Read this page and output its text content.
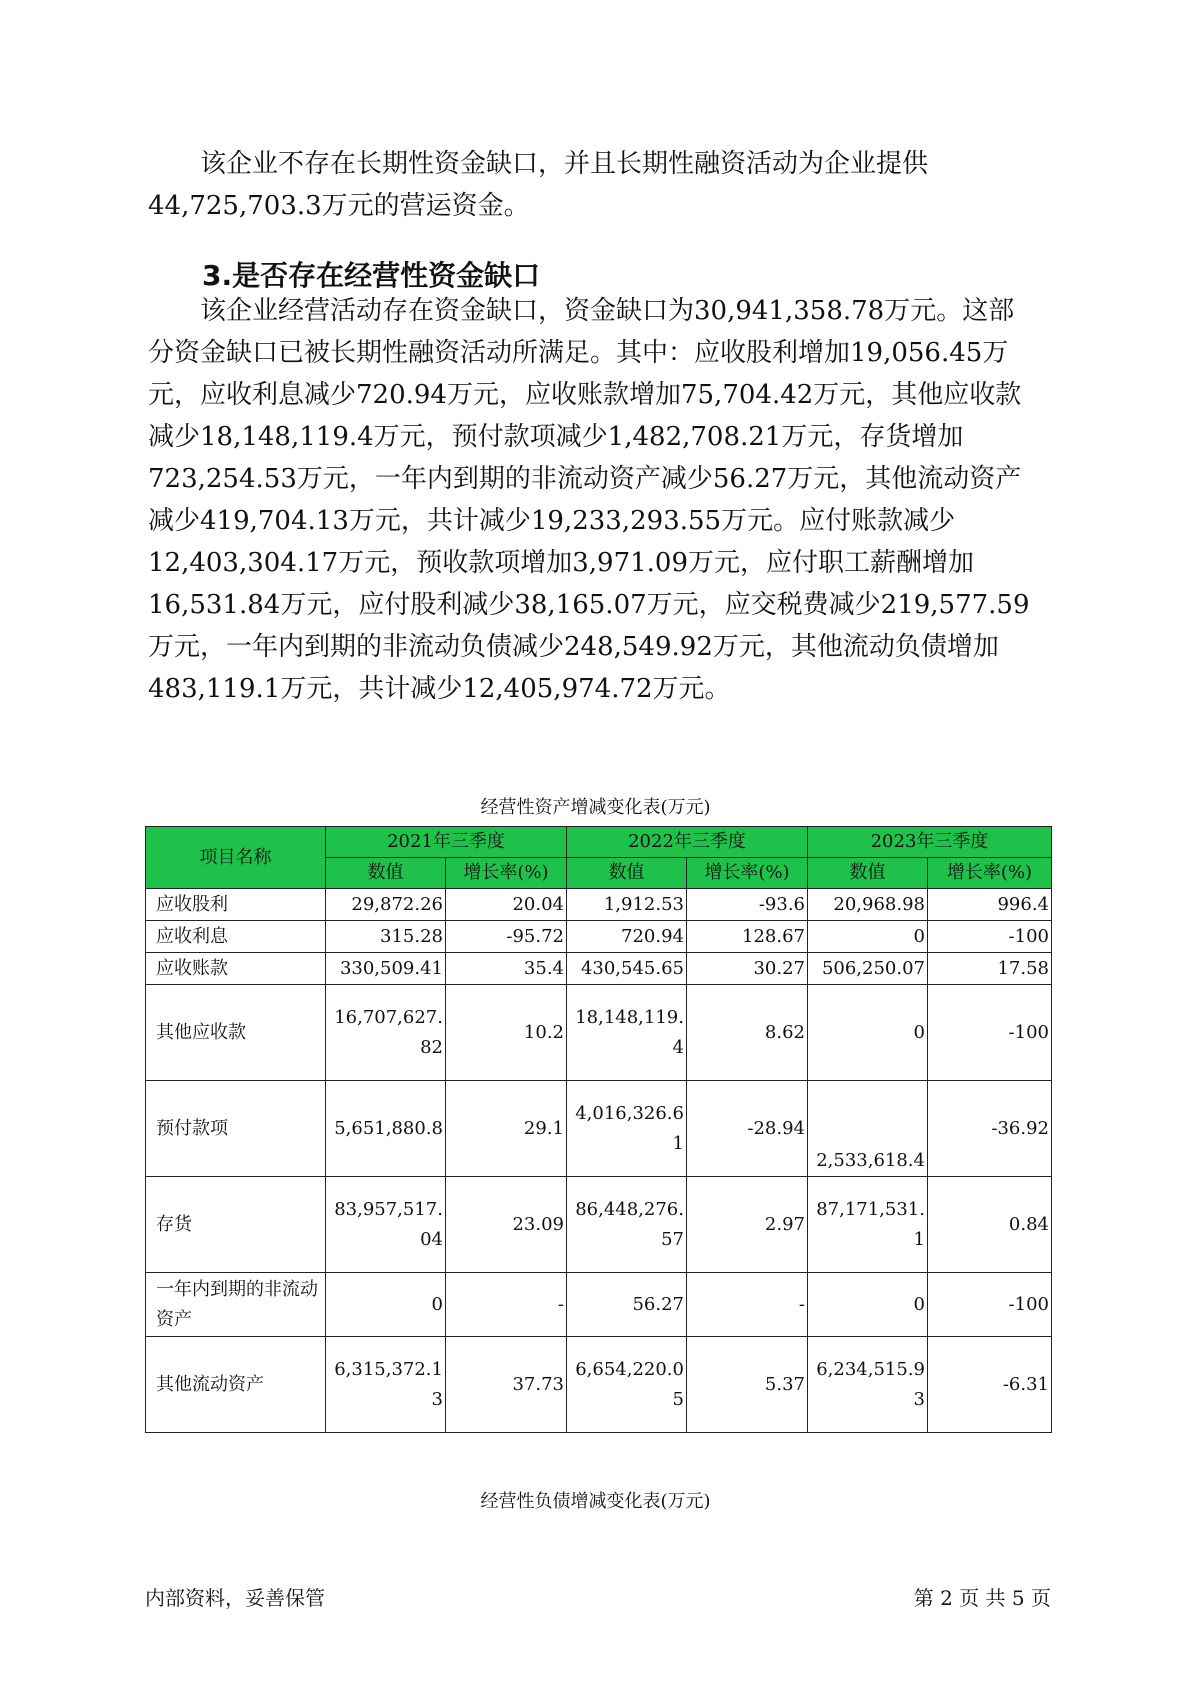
该企业不存在长期性资金缺口，并且长期性融资活动为企业提供
44,725,703.3万元的营运资金。
3.是否存在经营性资金缺口
该企业经营活动存在资金缺口，资金缺口为30,941,358.78万元。这部
分资金缺口已被长期性融资活动所满足。其中：应收股利增加19,056.45万
元，应收利息减少720.94万元，应收账款增加75,704.42万元，其他应收款
减少18,148,119.4万元，预付款项减少1,482,708.21万元，存货增加
723,254.53万元，一年内到期的非流动资产减少56.27万元，其他流动资产
减少419,704.13万元，共计减少19,233,293.55万元。应付账款减少
12,403,304.17万元，预收款项增加3,971.09万元，应付职工薪酬增加
16,531.84万元，应付股利减少38,165.07万元，应交税费减少219,577.59
万元，一年内到期的非流动负债减少248,549.92万元，其他流动负债增加
483,119.1万元，共计减少12,405,974.72万元。
经营性资产增减变化表(万元)
项目名称	2021年三季度		2022年三季度		2023年三季度	
	数值	增长率(%)	数值	增长率(%)	数值	增长率(%)
应收股利	29,872.26	20.04	1,912.53	-93.6	20,968.98	996.4
应收利息	315.28	-95.72	720.94	128.67	0	-100
应收账款	330,509.41	35.4	430,545.65	30.27	506,250.07	17.58
其他应收款	16,707,627.82	10.2	18,148,119.4	8.62	0	-100
预付款项	5,651,880.8	29.1	4,016,326.61	-28.94	2,533,618.4	-36.92
存货	83,957,517.04	23.09	86,448,276.57	2.97	87,171,531.1	0.84
一年内到期的非流动资产	0	-	56.27	-	0	-100
其他流动资产	6,315,372.13	37.73	6,654,220.05	5.37	6,234,515.93	-6.31
经营性负债增减变化表(万元)
内部资料，妥善保管	第 2 页 共 5 页
